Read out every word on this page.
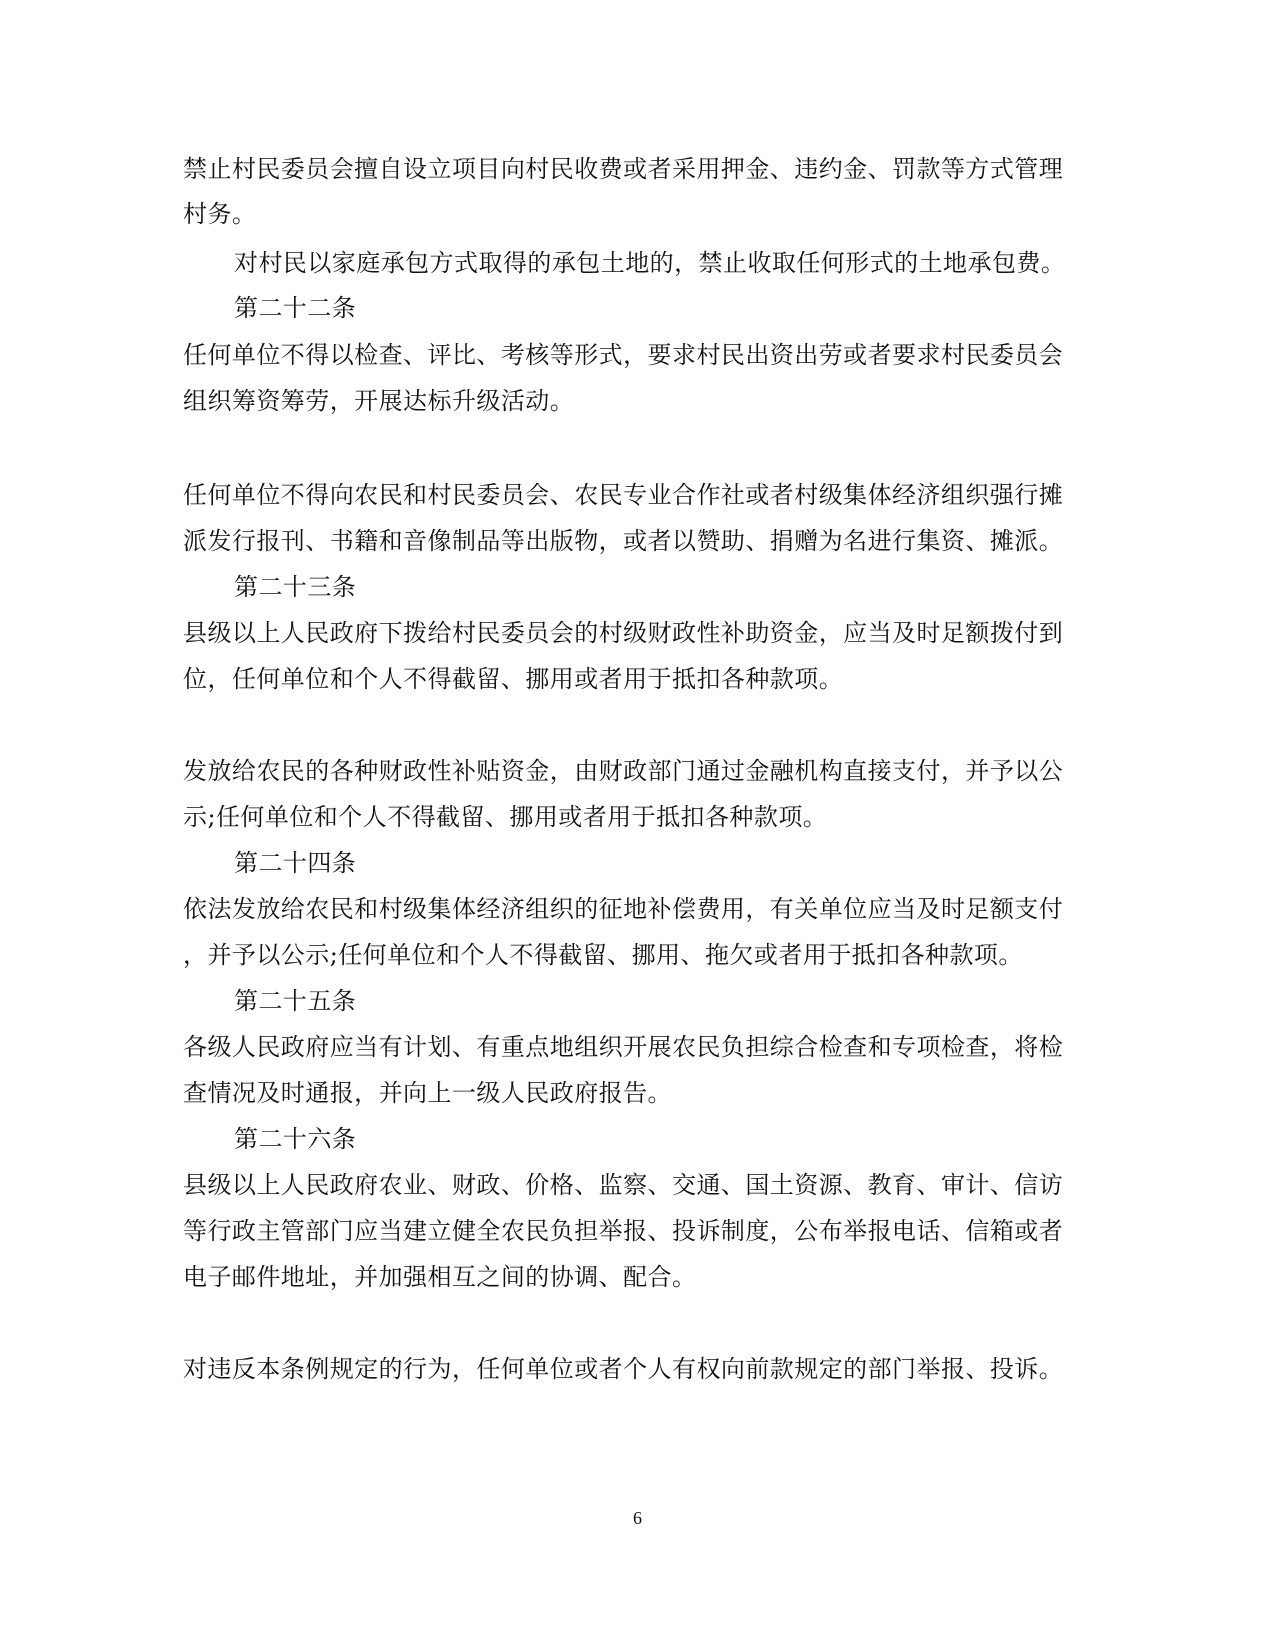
禁止村民委员会擅自设立项目向村民收费或者采用押金、违约金、罚款等方式管理
村务。
对村民以家庭承包方式取得的承包土地的，禁止收取任何形式的土地承包费。
第二十二条
任何单位不得以检查、评比、考核等形式，要求村民出资出劳或者要求村民委员会
组织筹资筹劳，开展达标升级活动。
任何单位不得向农民和村民委员会、农民专业合作社或者村级集体经济组织强行摊
派发行报刊、书籍和音像制品等出版物，或者以赞助、捐赠为名进行集资、摊派。
第二十三条
县级以上人民政府下拨给村民委员会的村级财政性补助资金，应当及时足额拨付到
位，任何单位和个人不得截留、挪用或者用于抵扣各种款项。
发放给农民的各种财政性补贴资金，由财政部门通过金融机构直接支付，并予以公
示;任何单位和个人不得截留、挪用或者用于抵扣各种款项。
第二十四条
依法发放给农民和村级集体经济组织的征地补偿费用，有关单位应当及时足额支付
，并予以公示;任何单位和个人不得截留、挪用、拖欠或者用于抵扣各种款项。
第二十五条
各级人民政府应当有计划、有重点地组织开展农民负担综合检查和专项检查，将检
查情况及时通报，并向上一级人民政府报告。
第二十六条
县级以上人民政府农业、财政、价格、监察、交通、国土资源、教育、审计、信访
等行政主管部门应当建立健全农民负担举报、投诉制度，公布举报电话、信箱或者
电子邮件地址，并加强相互之间的协调、配合。
对违反本条例规定的行为，任何单位或者个人有权向前款规定的部门举报、投诉。
6
